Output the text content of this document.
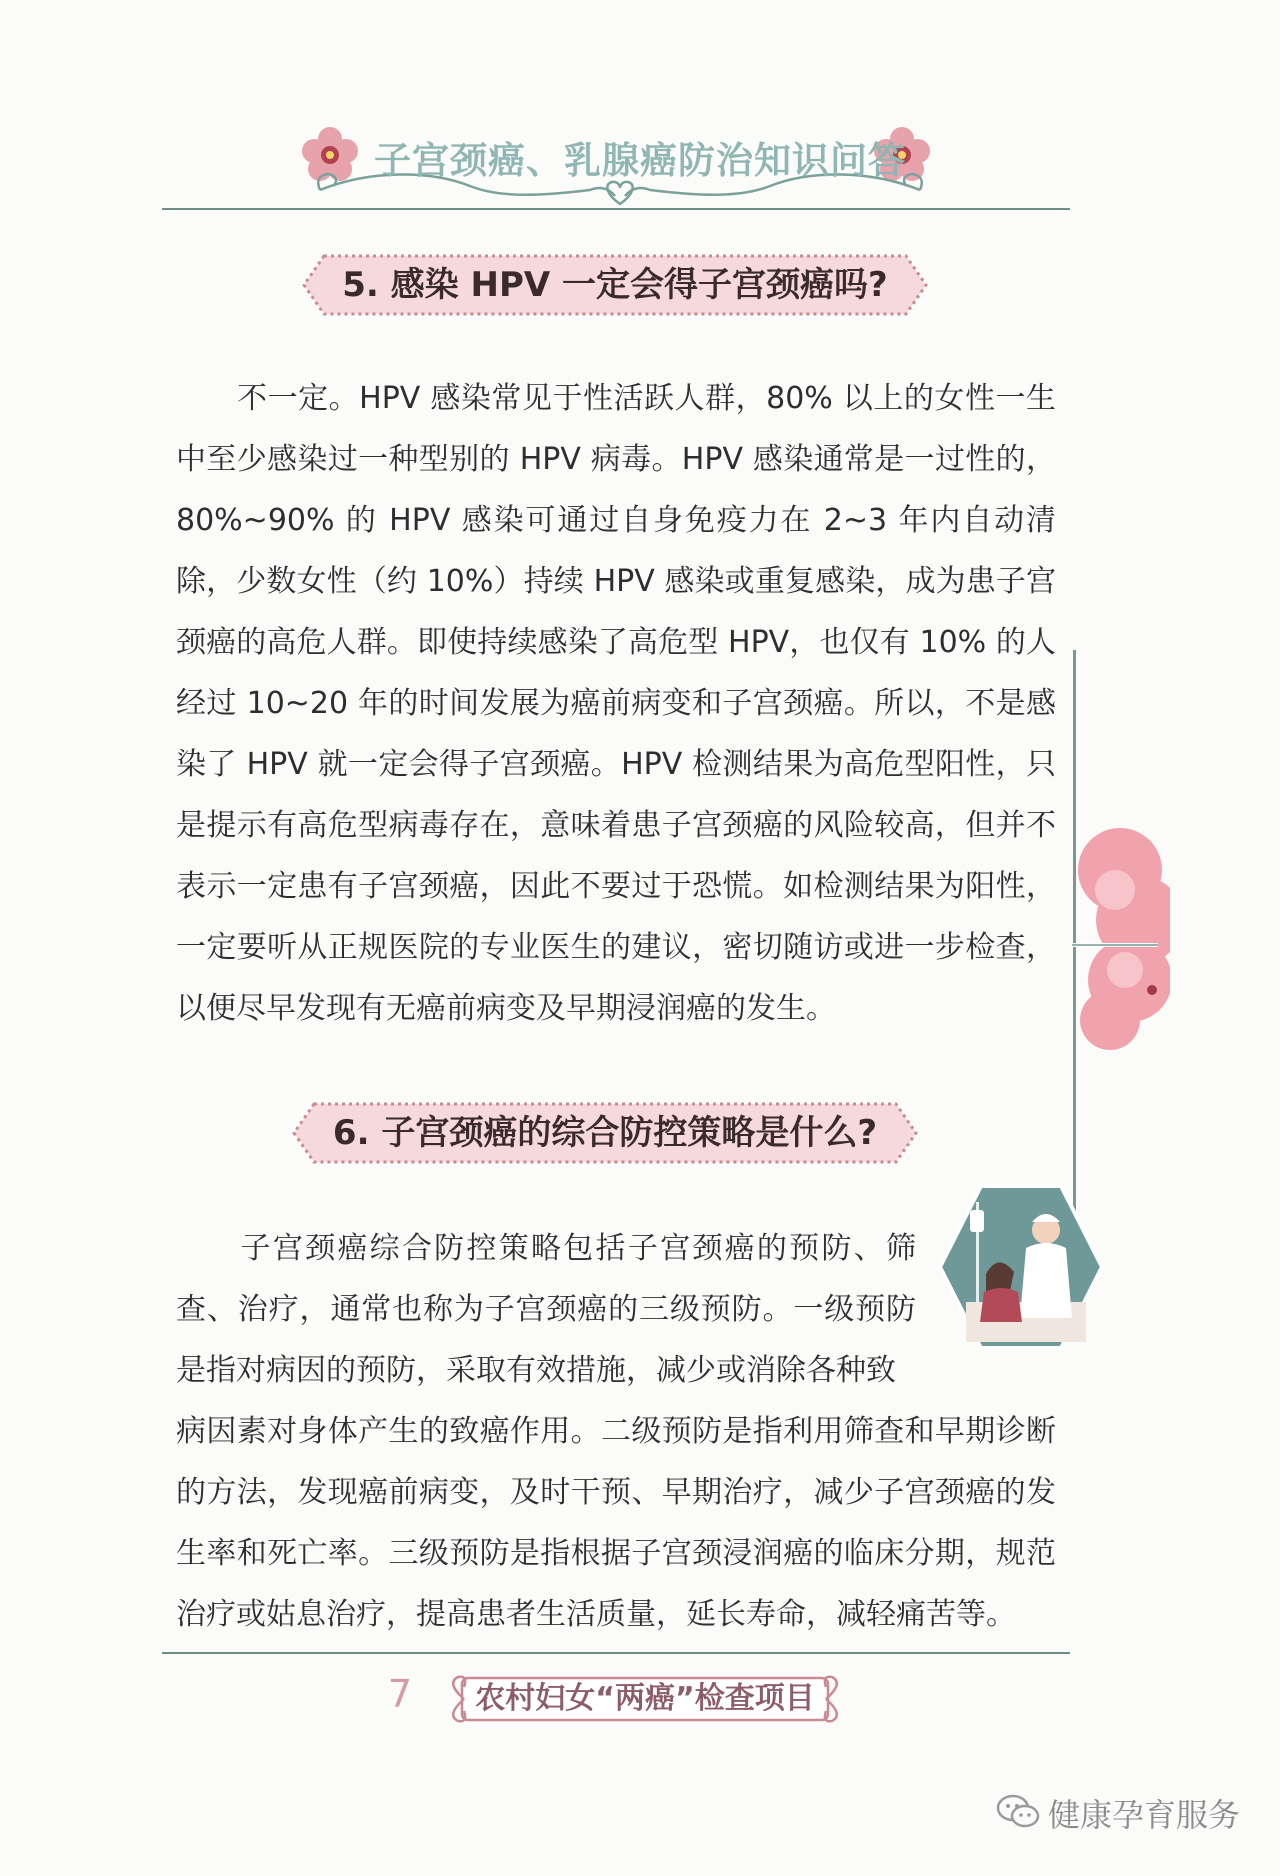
子宫颈癌、乳腺癌防治知识问答
5. 感染 HPV 一定会得子宫颈癌吗?

　　不一定。HPV 感染常见于性活跃人群，80% 以上的女性一生中至少感染过一种型别的 HPV 病毒。HPV 感染通常是一过性的，80%~90% 的 HPV 感染可通过自身免疫力在 2~3 年内自动清除，少数女性（约 10%）持续 HPV 感染或重复感染，成为患子宫颈癌的高危人群。即使持续感染了高危型 HPV，也仅有 10% 的人经过 10~20 年的时间发展为癌前病变和子宫颈癌。所以，不是感染了 HPV 就一定会得子宫颈癌。HPV 检测结果为高危型阳性，只是提示有高危型病毒存在，意味着患子宫颈癌的风险较高，但并不表示一定患有子宫颈癌，因此不要过于恐慌。如检测结果为阳性，一定要听从正规医院的专业医生的建议，密切随访或进一步检查，以便尽早发现有无癌前病变及早期浸润癌的发生。

6. 子宫颈癌的综合防控策略是什么?

　　子宫颈癌综合防控策略包括子宫颈癌的预防、筛查、治疗，通常也称为子宫颈癌的三级预防。一级预防是指对病因的预防，采取有效措施，减少或消除各种致

病因素对身体产生的致癌作用。二级预防是指利用筛查和早期诊断的方法，发现癌前病变，及时干预、早期治疗，减少子宫颈癌的发生率和死亡率。三级预防是指根据子宫颈浸润癌的临床分期，规范治疗或姑息治疗，提高患者生活质量，延长寿命，减轻痛苦等。

7	农村妇女“两癌”检查项目
健康孕育服务
